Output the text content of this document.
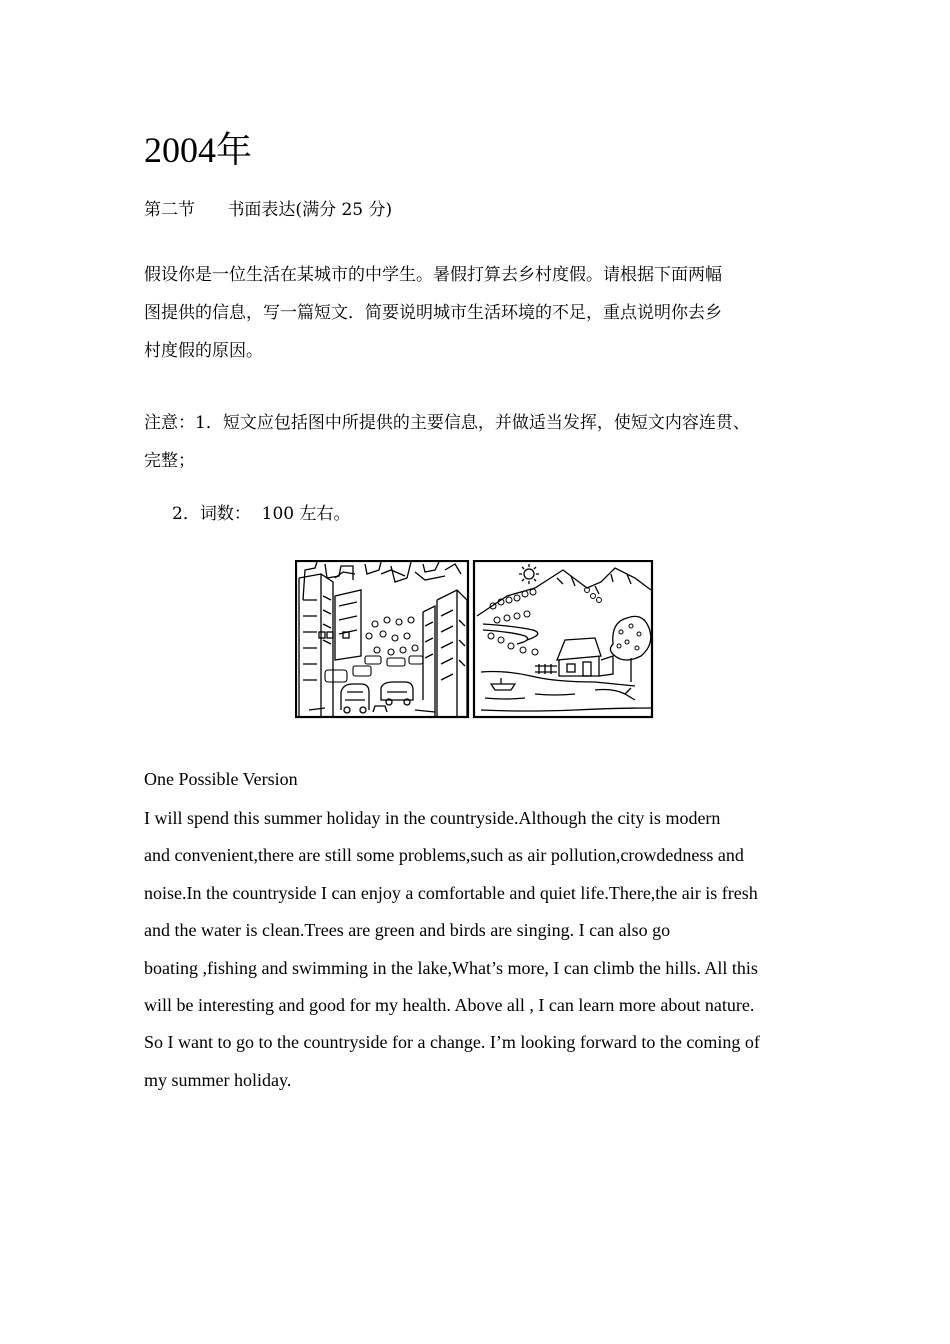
2004年
第二节 书面表达(满分 25 分)
假设你是一位生活在某城市的中学生。暑假打算去乡村度假。请根据下面两幅
图提供的信息，写一篇短文．简要说明城市生活环境的不足，重点说明你去乡
村度假的原因。
注意：1．短文应包括图中所提供的主要信息，并做适当发挥，使短文内容连贯、
完整；
2．词数：  100 左右。
One Possible Version
I will spend this summer holiday in the countryside.Although the city is modern
and convenient,there are still some problems,such as air pollution,crowdedness and
noise.In the countryside I can enjoy a comfortable and quiet life.There,the air is fresh
and the water is clean.Trees are green and birds are singing. I can also go
boating ,fishing and swimming in the lake,What’s more, I can climb the hills. All this
will be interesting and good for my health. Above all , I can learn more about nature.
So I want to go to the countryside for a change. I’m looking forward to the coming of
my summer holiday.
